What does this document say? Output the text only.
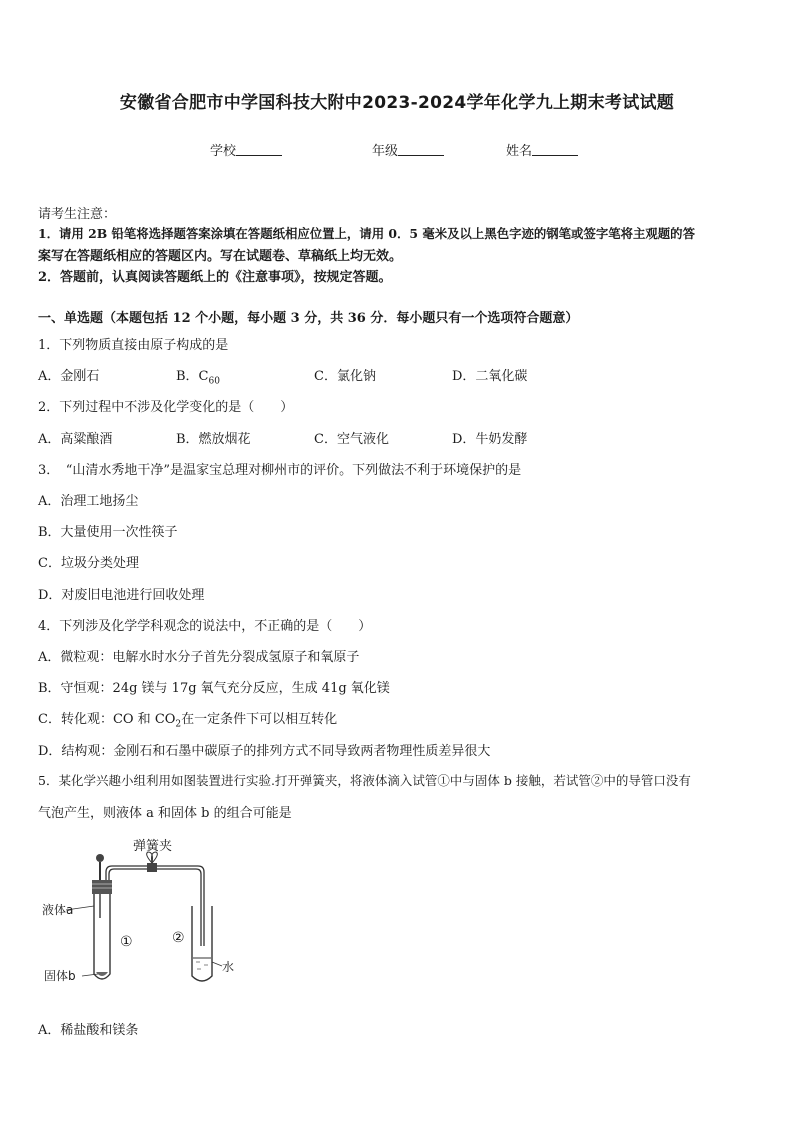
安徽省合肥市中学国科技大附中2023-2024学年化学九上期末考试试题
学校	年级	姓名
请考生注意：
1．请用 2B 铅笔将选择题答案涂填在答题纸相应位置上，请用 0．5 毫米及以上黑色字迹的钢笔或签字笔将主观题的答
案写在答题纸相应的答题区内。写在试题卷、草稿纸上均无效。
2．答题前，认真阅读答题纸上的《注意事项》，按规定答题。
一、单选题（本题包括 12 个小题，每小题 3 分，共 36 分．每小题只有一个选项符合题意）
1．下列物质直接由原子构成的是
A．金刚石	B．$C_{60}$	C．氯化钠	D．二氧化碳
2．下列过程中不涉及化学变化的是（　　）
A．高粱酿酒	B．燃放烟花	C．空气液化	D．牛奶发酵
3．　“山清水秀地干净”是温家宝总理对柳州市的评价。下列做法不利于环境保护的是
A．治理工地扬尘
B．大量使用一次性筷子
C．垃圾分类处理
D．对废旧电池进行回收处理
4．下列涉及化学学科观念的说法中，不正确的是（　　）
A．微粒观：电解水时水分子首先分裂成氢原子和氧原子
B．守恒观：24g 镁与 17g 氧气充分反应，生成 41g 氧化镁
C．转化观：CO 和 $CO_2$在一定条件下可以相互转化
D．结构观：金刚石和石墨中碳原子的排列方式不同导致两者物理性质差异很大
5．某化学兴趣小组利用如图装置进行实验.打开弹簧夹，将液体滴入试管①中与固体 b 接触，若试管②中的导管口没有
气泡产生，则液体 a 和固体 b 的组合可能是
弹簧夹
液体a
固体b
①	②
水
A．稀盐酸和镁条
